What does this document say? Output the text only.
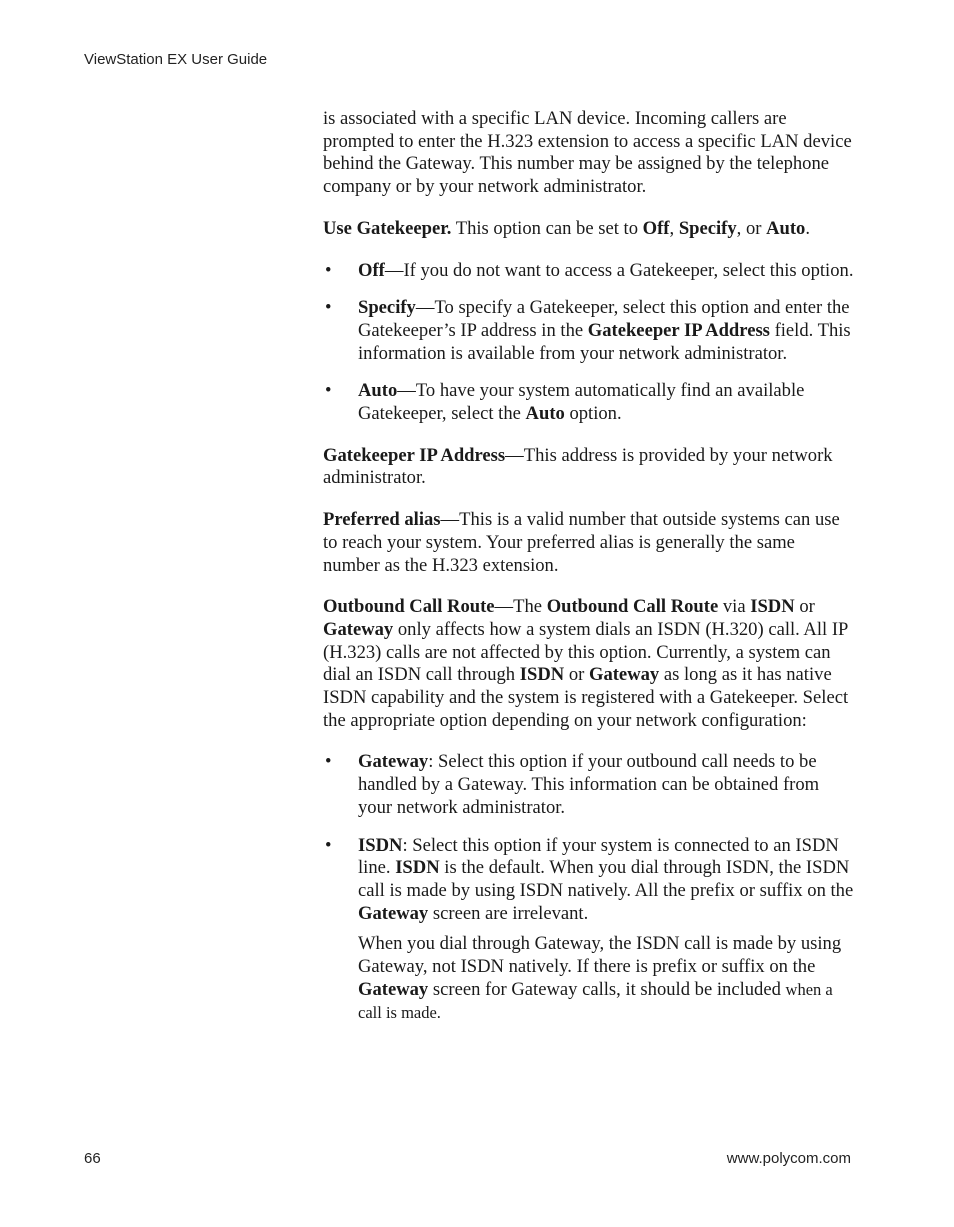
ViewStation EX User Guide

is associated with a specific LAN device. Incoming callers are prompted to enter the H.323 extension to access a specific LAN device behind the Gateway. This number may be assigned by the telephone company or by your network administrator.

Use Gatekeeper. This option can be set to Off, Specify, or Auto.

• Off—If you do not want to access a Gatekeeper, select this option.
• Specify—To specify a Gatekeeper, select this option and enter the Gatekeeper’s IP address in the Gatekeeper IP Address field. This information is available from your network administrator.
• Auto—To have your system automatically find an available Gatekeeper, select the Auto option.

Gatekeeper IP Address—This address is provided by your network administrator.

Preferred alias—This is a valid number that outside systems can use to reach your system. Your preferred alias is generally the same number as the H.323 extension.

Outbound Call Route—The Outbound Call Route via ISDN or Gateway only affects how a system dials an ISDN (H.320) call. All IP (H.323) calls are not affected by this option. Currently, a system can dial an ISDN call through ISDN or Gateway as long as it has native ISDN capability and the system is registered with a Gatekeeper. Select the appropriate option depending on your network configuration:

• Gateway: Select this option if your outbound call needs to be handled by a Gateway. This information can be obtained from your network administrator.
• ISDN: Select this option if your system is connected to an ISDN line. ISDN is the default. When you dial through ISDN, the ISDN call is made by using ISDN natively. All the prefix or suffix on the Gateway screen are irrelevant.
When you dial through Gateway, the ISDN call is made by using Gateway, not ISDN natively. If there is prefix or suffix on the Gateway screen for Gateway calls, it should be included when a call is made.
66	www.polycom.com
